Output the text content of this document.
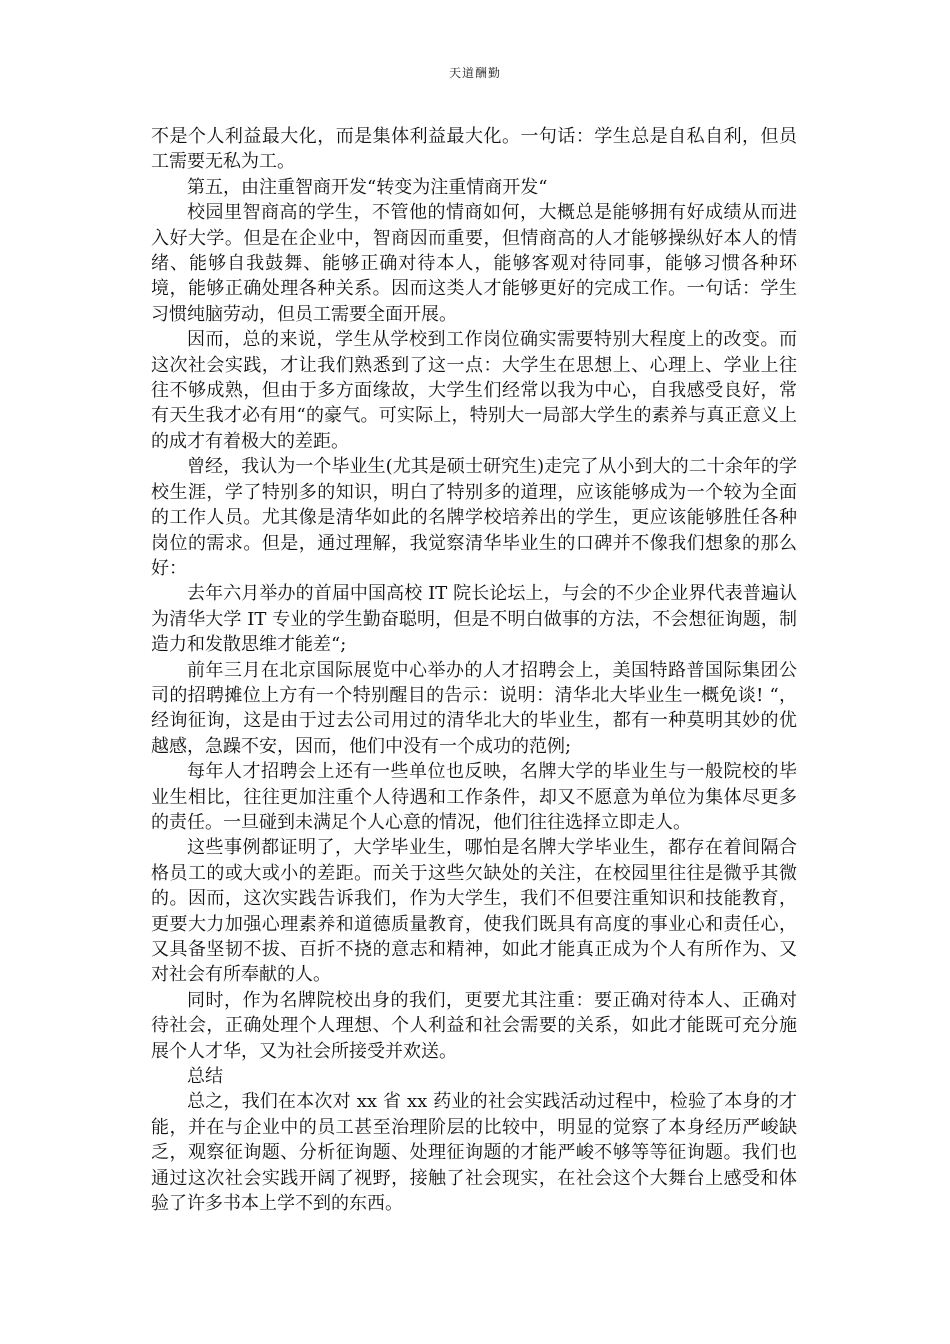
天道酬勤

不是个人利益最大化，而是集体利益最大化。一句话：学生总是自私自利，但员工需要无私为工。

第五，由注重智商开发“转变为注重情商开发“

校园里智商高的学生，不管他的情商如何，大概总是能够拥有好成绩从而进入好大学。但是在企业中，智商因而重要，但情商高的人才能够操纵好本人的情绪、能够自我鼓舞、能够正确对待本人，能够客观对待同事，能够习惯各种环境，能够正确处理各种关系。因而这类人才能够更好的完成工作。一句话：学生习惯纯脑劳动，但员工需要全面开展。

因而，总的来说，学生从学校到工作岗位确实需要特别大程度上的改变。而这次社会实践，才让我们熟悉到了这一点：大学生在思想上、心理上、学业上往往不够成熟，但由于多方面缘故，大学生们经常以我为中心，自我感受良好，常有天生我才必有用“的豪气。可实际上，特别大一局部大学生的素养与真正意义上的成才有着极大的差距。

曾经，我认为一个毕业生(尤其是硕士研究生)走完了从小到大的二十余年的学校生涯，学了特别多的知识，明白了特别多的道理，应该能够成为一个较为全面的工作人员。尤其像是清华如此的名牌学校培养出的学生，更应该能够胜任各种岗位的需求。但是，通过理解，我觉察清华毕业生的口碑并不像我们想象的那么好：

去年六月举办的首届中国高校 IT 院长论坛上，与会的不少企业界代表普遍认为清华大学 IT 专业的学生勤奋聪明，但是不明白做事的方法，不会想征询题，制造力和发散思维才能差“;

前年三月在北京国际展览中心举办的人才招聘会上，美国特路普国际集团公司的招聘摊位上方有一个特别醒目的告示：说明：清华北大毕业生一概免谈! “，经询征询，这是由于过去公司用过的清华北大的毕业生，都有一种莫明其妙的优越感，急躁不安，因而，他们中没有一个成功的范例;

每年人才招聘会上还有一些单位也反映，名牌大学的毕业生与一般院校的毕业生相比，往往更加注重个人待遇和工作条件，却又不愿意为单位为集体尽更多的责任。一旦碰到未满足个人心意的情况，他们往往选择立即走人。

这些事例都证明了，大学毕业生，哪怕是名牌大学毕业生，都存在着间隔合格员工的或大或小的差距。而关于这些欠缺处的关注，在校园里往往是微乎其微的。因而，这次实践告诉我们，作为大学生，我们不但要注重知识和技能教育，更要大力加强心理素养和道德质量教育，使我们既具有高度的事业心和责任心，又具备坚韧不拔、百折不挠的意志和精神，如此才能真正成为个人有所作为、又对社会有所奉献的人。

同时，作为名牌院校出身的我们，更要尤其注重：要正确对待本人、正确对待社会，正确处理个人理想、个人利益和社会需要的关系，如此才能既可充分施展个人才华，又为社会所接受并欢送。

总结

总之，我们在本次对 xx 省 xx 药业的社会实践活动过程中，检验了本身的才能，并在与企业中的员工甚至治理阶层的比较中，明显的觉察了本身经历严峻缺乏，观察征询题、分析征询题、处理征询题的才能严峻不够等等征询题。我们也通过这次社会实践开阔了视野，接触了社会现实，在社会这个大舞台上感受和体验了许多书本上学不到的东西。
